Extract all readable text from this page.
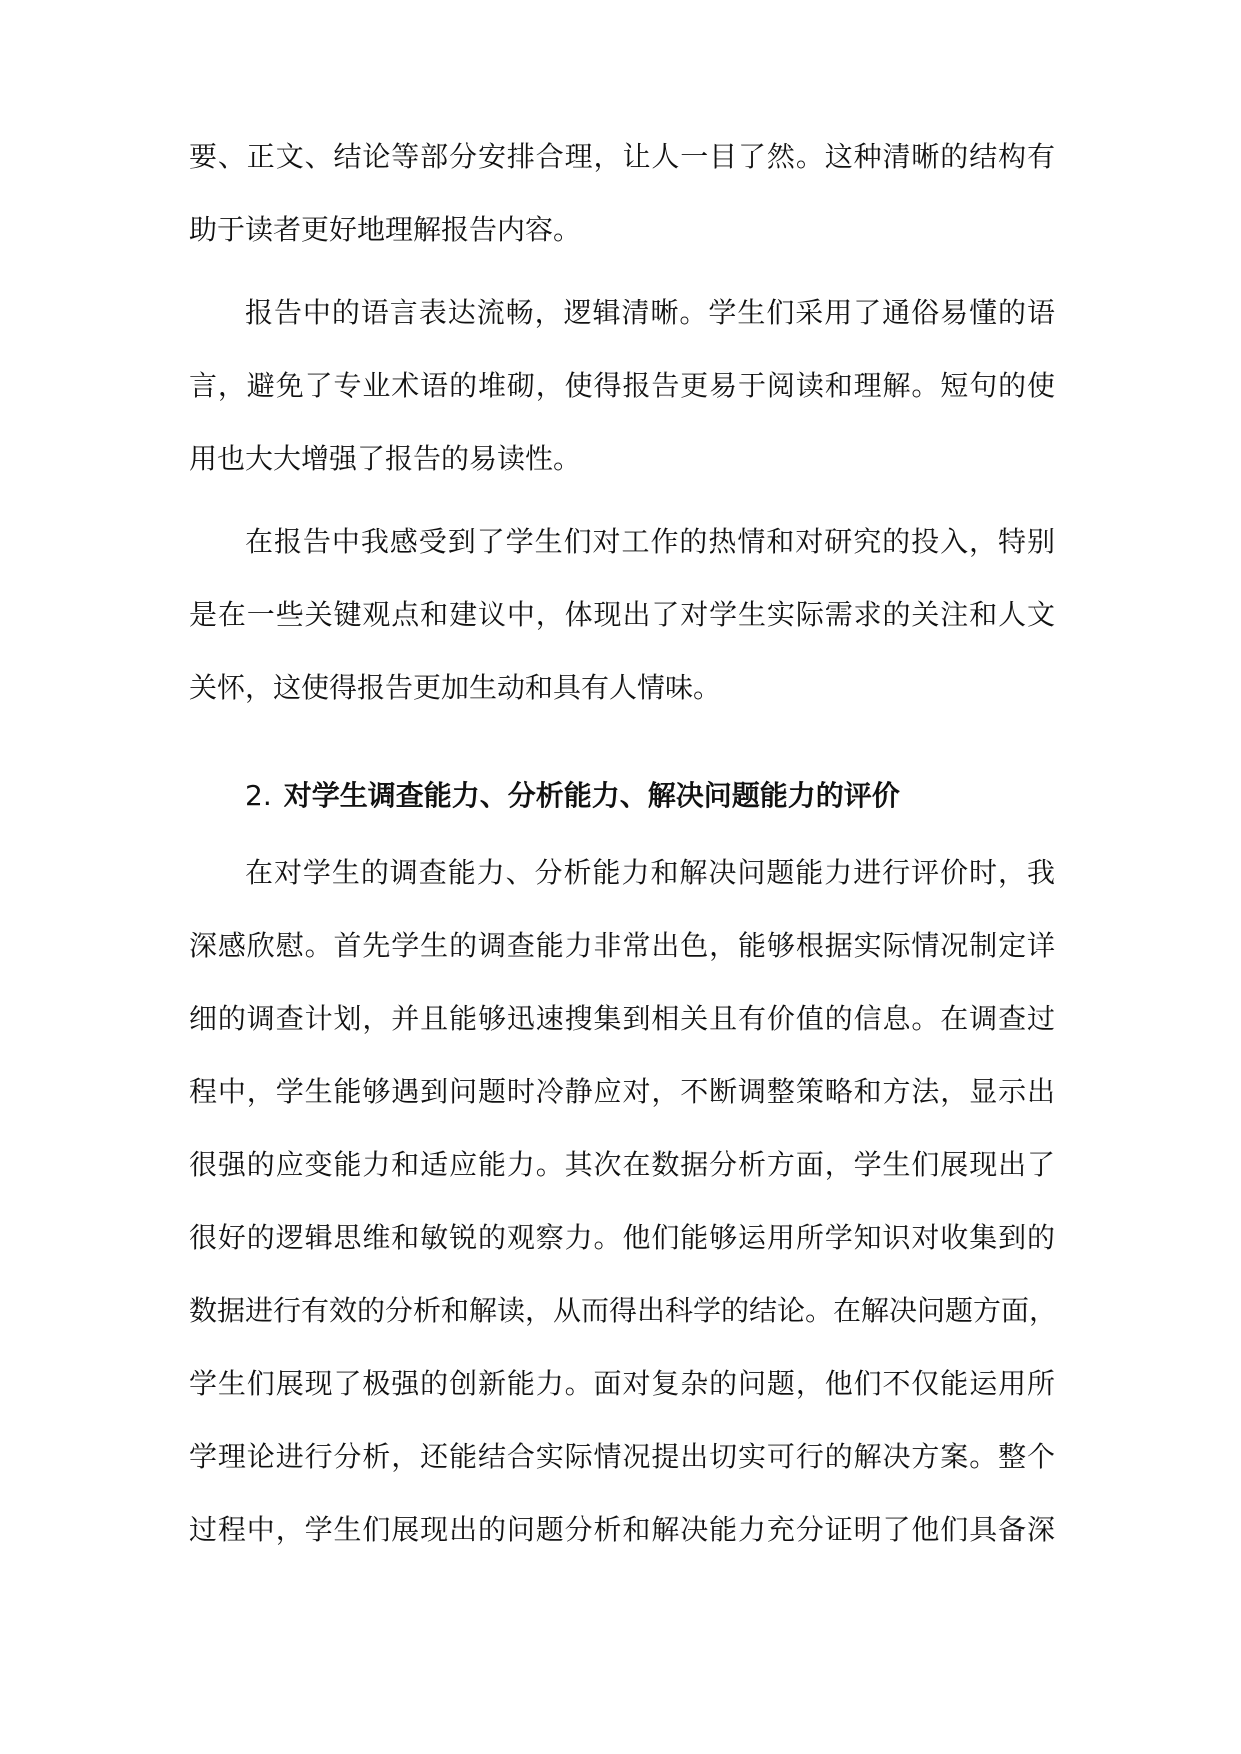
要、正文、结论等部分安排合理，让人一目了然。这种清晰的结构有
助于读者更好地理解报告内容。
报告中的语言表达流畅，逻辑清晰。学生们采用了通俗易懂的语
言，避免了专业术语的堆砌，使得报告更易于阅读和理解。短句的使
用也大大增强了报告的易读性。
在报告中我感受到了学生们对工作的热情和对研究的投入，特别
是在一些关键观点和建议中，体现出了对学生实际需求的关注和人文
关怀，这使得报告更加生动和具有人情味。
2. 对学生调查能力、分析能力、解决问题能力的评价
在对学生的调查能力、分析能力和解决问题能力进行评价时，我
深感欣慰。首先学生的调查能力非常出色，能够根据实际情况制定详
细的调查计划，并且能够迅速搜集到相关且有价值的信息。在调查过
程中，学生能够遇到问题时冷静应对，不断调整策略和方法，显示出
很强的应变能力和适应能力。其次在数据分析方面，学生们展现出了
很好的逻辑思维和敏锐的观察力。他们能够运用所学知识对收集到的
数据进行有效的分析和解读，从而得出科学的结论。在解决问题方面，
学生们展现了极强的创新能力。面对复杂的问题，他们不仅能运用所
学理论进行分析，还能结合实际情况提出切实可行的解决方案。整个
过程中，学生们展现出的问题分析和解决能力充分证明了他们具备深
